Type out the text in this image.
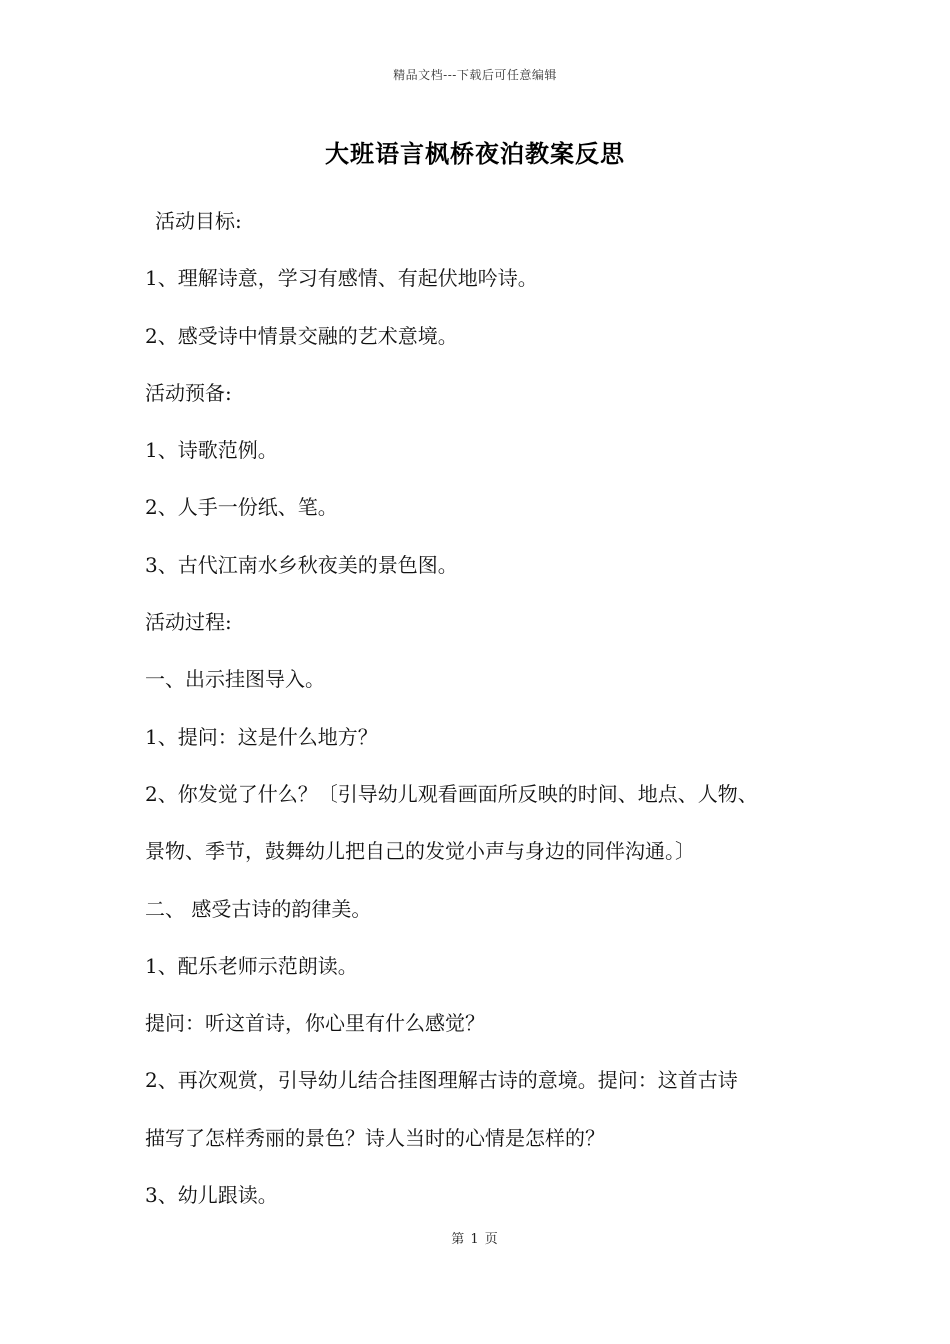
精品文档---下载后可任意编辑
大班语言枫桥夜泊教案反思
活动目标:
1、理解诗意，学习有感情、有起伏地吟诗。
2、感受诗中情景交融的艺术意境。
活动预备:
1、诗歌范例。
2、人手一份纸、笔。
3、古代江南水乡秋夜美的景色图。
活动过程:
一、出示挂图导入。
1、提问：这是什么地方？
2、你发觉了什么？〔引导幼儿观看画面所反映的时间、地点、人物、
景物、季节，鼓舞幼儿把自己的发觉小声与身边的同伴沟通。〕
二、 感受古诗的韵律美。
1、配乐老师示范朗读。
提问：听这首诗，你心里有什么感觉？
2、再次观赏，引导幼儿结合挂图理解古诗的意境。提问：这首古诗
描写了怎样秀丽的景色？诗人当时的心情是怎样的？
3、幼儿跟读。
第 1 页
